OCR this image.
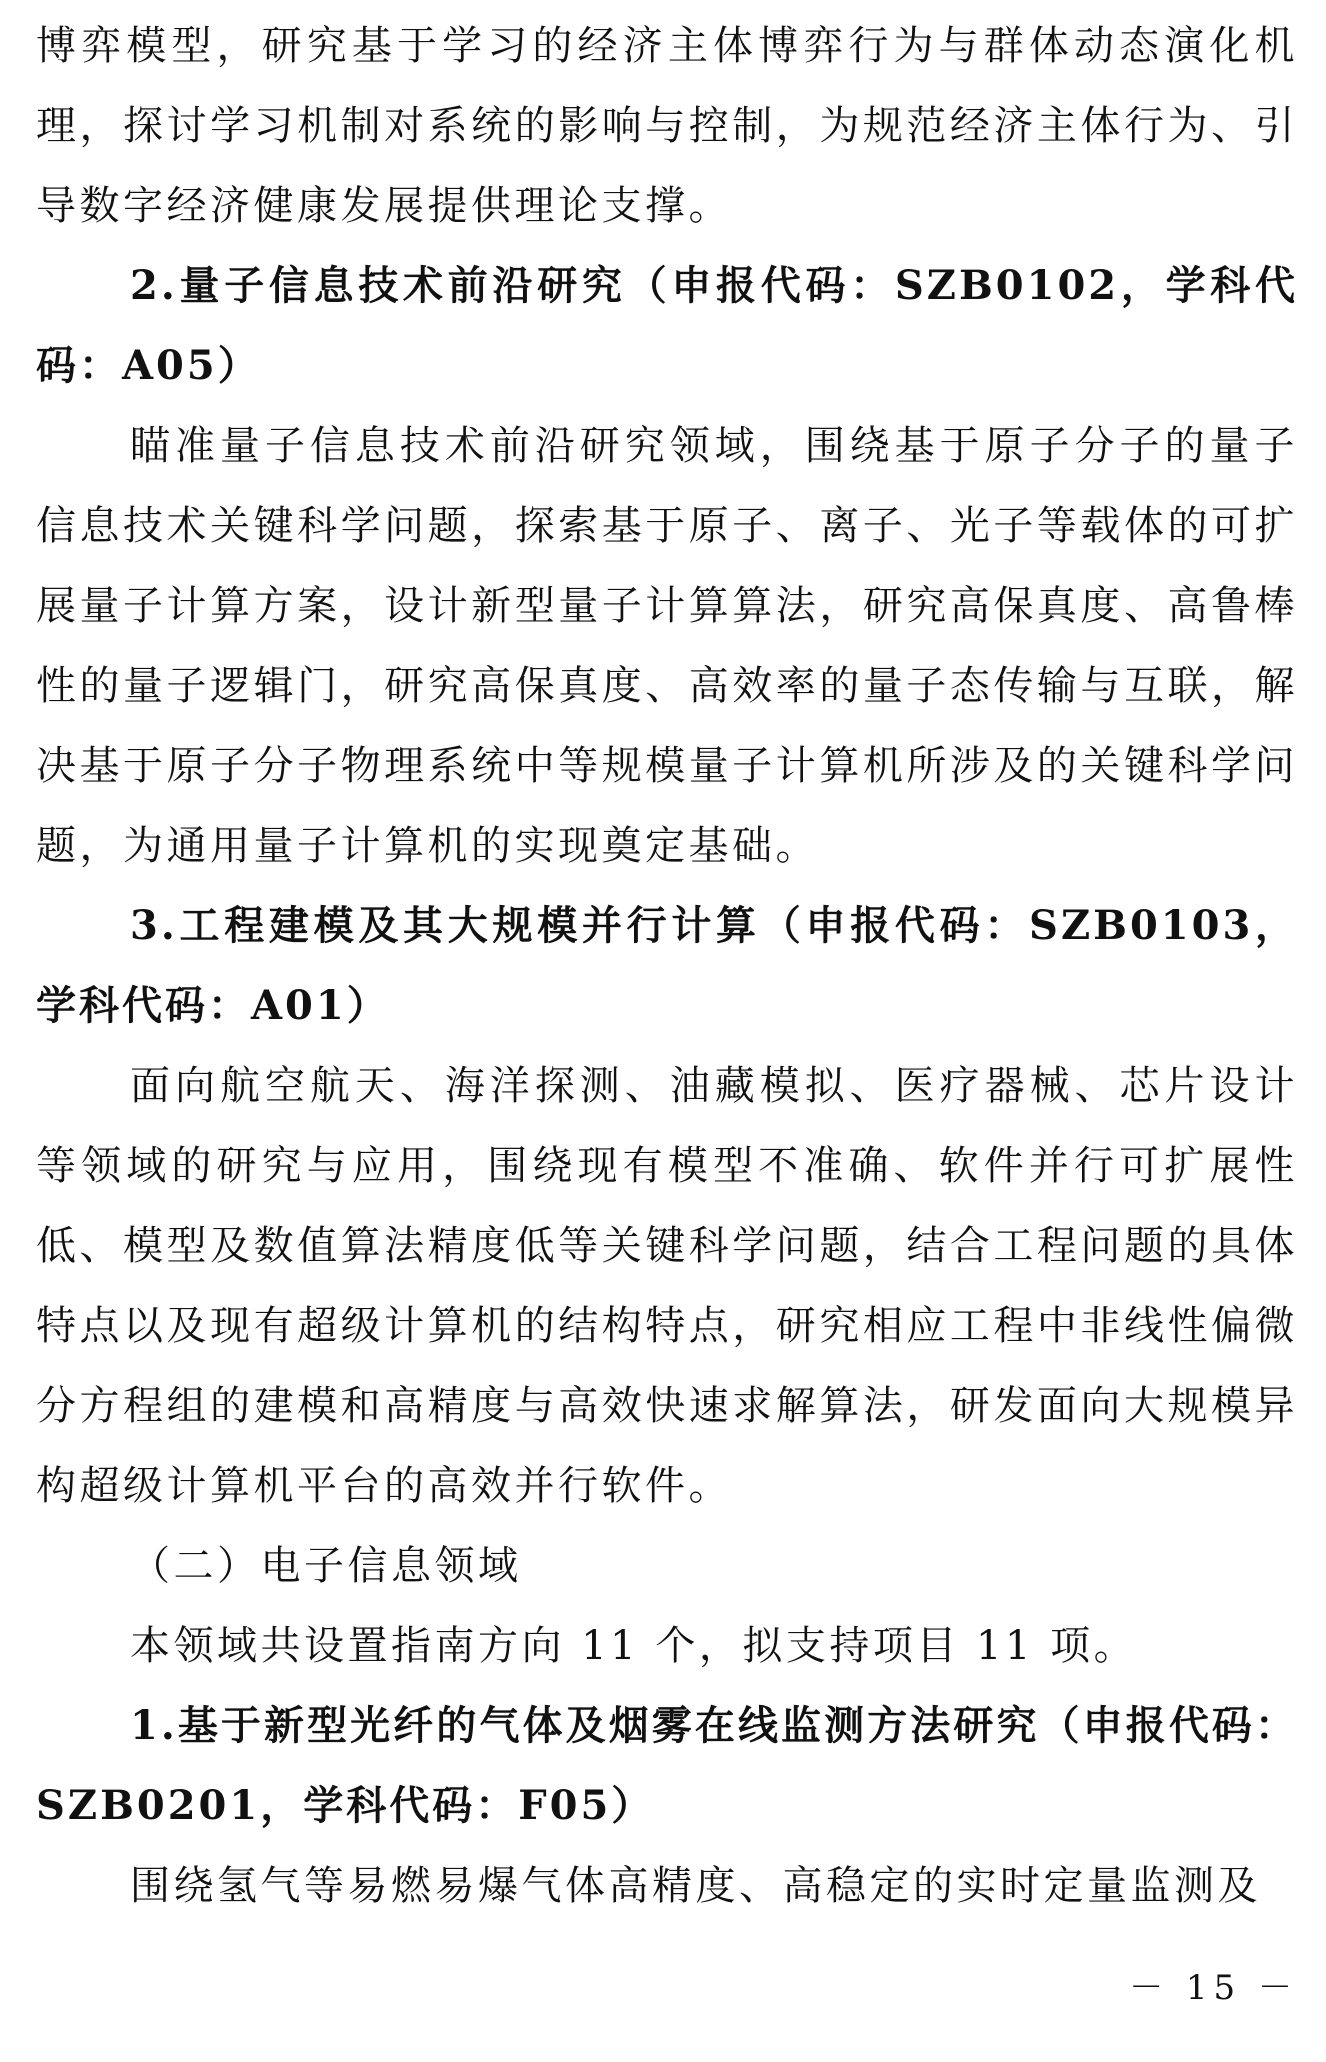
博弈模型，研究基于学习的经济主体博弈行为与群体动态演化机理，探讨学习机制对系统的影响与控制，为规范经济主体行为、引导数字经济健康发展提供理论支撑。

2.量子信息技术前沿研究（申报代码：SZB0102，学科代码：A05）

瞄准量子信息技术前沿研究领域，围绕基于原子分子的量子信息技术关键科学问题，探索基于原子、离子、光子等载体的可扩展量子计算方案，设计新型量子计算算法，研究高保真度、高鲁棒性的量子逻辑门，研究高保真度、高效率的量子态传输与互联，解决基于原子分子物理系统中等规模量子计算机所涉及的关键科学问题，为通用量子计算机的实现奠定基础。

3.工程建模及其大规模并行计算（申报代码：SZB0103，学科代码：A01）

面向航空航天、海洋探测、油藏模拟、医疗器械、芯片设计等领域的研究与应用，围绕现有模型不准确、软件并行可扩展性低、模型及数值算法精度低等关键科学问题，结合工程问题的具体特点以及现有超级计算机的结构特点，研究相应工程中非线性偏微分方程组的建模和高精度与高效快速求解算法，研发面向大规模异构超级计算机平台的高效并行软件。

（二）电子信息领域

本领域共设置指南方向 11 个，拟支持项目 11 项。

1.基于新型光纤的气体及烟雾在线监测方法研究（申报代码：SZB0201，学科代码：F05）

围绕氢气等易燃易爆气体高精度、高稳定的实时定量监测及

－ 15 －
